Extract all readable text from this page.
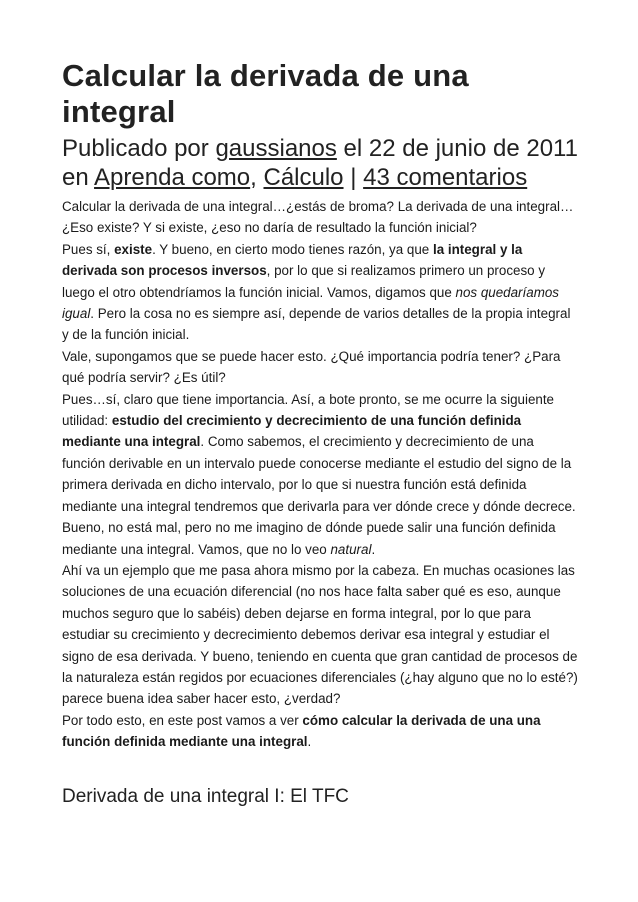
Calcular la derivada de una integral
Publicado por gaussianos el 22 de junio de 2011 en Aprenda como, Cálculo | 43 comentarios

Calcular la derivada de una integral…¿estás de broma? La derivada de una integral…¿Eso existe? Y si existe, ¿eso no daría de resultado la función inicial?

Pues sí, existe. Y bueno, en cierto modo tienes razón, ya que la integral y la derivada son procesos inversos, por lo que si realizamos primero un proceso y luego el otro obtendríamos la función inicial. Vamos, digamos que nos quedaríamos igual. Pero la cosa no es siempre así, depende de varios detalles de la propia integral y de la función inicial.

Vale, supongamos que se puede hacer esto. ¿Qué importancia podría tener? ¿Para qué podría servir? ¿Es útil?

Pues…sí, claro que tiene importancia. Así, a bote pronto, se me ocurre la siguiente utilidad: estudio del crecimiento y decrecimiento de una función definida mediante una integral. Como sabemos, el crecimiento y decrecimiento de una función derivable en un intervalo puede conocerse mediante el estudio del signo de la primera derivada en dicho intervalo, por lo que si nuestra función está definida mediante una integral tendremos que derivarla para ver dónde crece y dónde decrece.

Bueno, no está mal, pero no me imagino de dónde puede salir una función definida mediante una integral. Vamos, que no lo veo natural.

Ahí va un ejemplo que me pasa ahora mismo por la cabeza. En muchas ocasiones las soluciones de una ecuación diferencial (no nos hace falta saber qué es eso, aunque muchos seguro que lo sabéis) deben dejarse en forma integral, por lo que para estudiar su crecimiento y decrecimiento debemos derivar esa integral y estudiar el signo de esa derivada. Y bueno, teniendo en cuenta que gran cantidad de procesos de la naturaleza están regidos por ecuaciones diferenciales (¿hay alguno que no lo esté?) parece buena idea saber hacer esto, ¿verdad?

Por todo esto, en este post vamos a ver cómo calcular la derivada de una una función definida mediante una integral.

Derivada de una integral I: El TFC
